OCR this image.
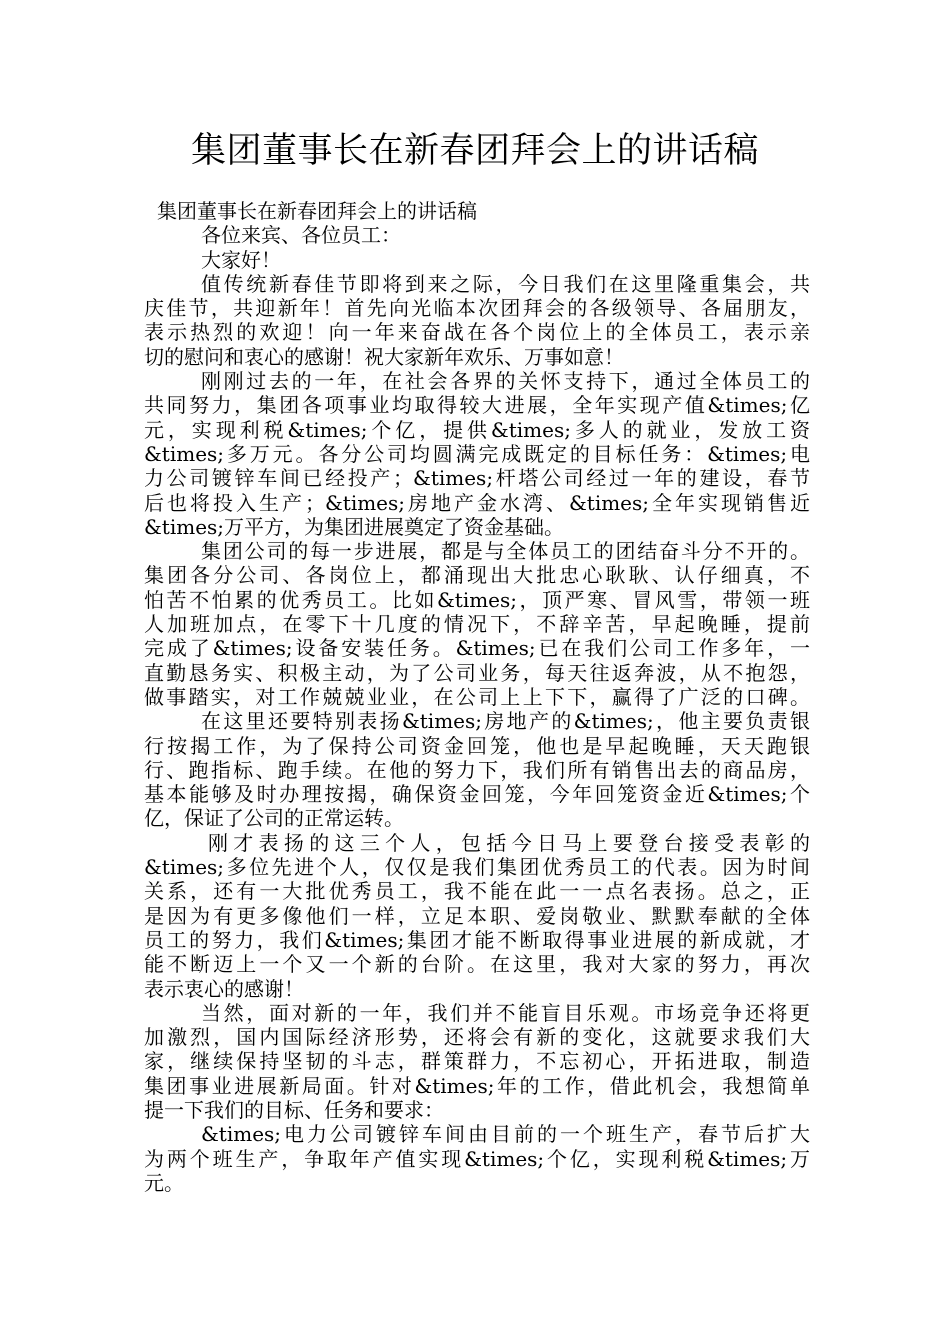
集团董事长在新春团拜会上的讲话稿
集团董事长在新春团拜会上的讲话稿
各位来宾、各位员工：
大家好！
值传统新春佳节即将到来之际，今日我们在这里隆重集会，共
庆佳节，共迎新年！首先向光临本次团拜会的各级领导、各届朋友，
表示热烈的欢迎！向一年来奋战在各个岗位上的全体员工，表示亲
切的慰问和衷心的感谢！祝大家新年欢乐、万事如意！
刚刚过去的一年，在社会各界的关怀支持下，通过全体员工的
共同努力，集团各项事业均取得较大进展，全年实现产值&times;亿
元，实现利税&times;个亿，提供&times;多人的就业，发放工资
&times;多万元。各分公司均圆满完成既定的目标任务：&times;电
力公司镀锌车间已经投产；&times;杆塔公司经过一年的建设，春节
后也将投入生产；&times;房地产金水湾、&times;全年实现销售近
&times;万平方，为集团进展奠定了资金基础。
集团公司的每一步进展，都是与全体员工的团结奋斗分不开的。
集团各分公司、各岗位上，都涌现出大批忠心耿耿、认仔细真，不
怕苦不怕累的优秀员工。比如&times;，顶严寒、冒风雪，带领一班
人加班加点，在零下十几度的情况下，不辞辛苦，早起晚睡，提前
完成了&times;设备安装任务。&times;已在我们公司工作多年，一
直勤恳务实、积极主动，为了公司业务，每天往返奔波，从不抱怨，
做事踏实，对工作兢兢业业，在公司上上下下，赢得了广泛的口碑。
在这里还要特别表扬&times;房地产的&times;，他主要负责银
行按揭工作，为了保持公司资金回笼，他也是早起晚睡，天天跑银
行、跑指标、跑手续。在他的努力下，我们所有销售出去的商品房，
基本能够及时办理按揭，确保资金回笼，今年回笼资金近&times;个
亿，保证了公司的正常运转。
刚才表扬的这三个人，包括今日马上要登台接受表彰的
&times;多位先进个人，仅仅是我们集团优秀员工的代表。因为时间
关系，还有一大批优秀员工，我不能在此一一点名表扬。总之，正
是因为有更多像他们一样，立足本职、爱岗敬业、默默奉献的全体
员工的努力，我们&times;集团才能不断取得事业进展的新成就，才
能不断迈上一个又一个新的台阶。在这里，我对大家的努力，再次
表示衷心的感谢！
当然，面对新的一年，我们并不能盲目乐观。市场竞争还将更
加激烈，国内国际经济形势，还将会有新的变化，这就要求我们大
家，继续保持坚韧的斗志，群策群力，不忘初心，开拓进取，制造
集团事业进展新局面。针对&times;年的工作，借此机会，我想简单
提一下我们的目标、任务和要求：
&times;电力公司镀锌车间由目前的一个班生产，春节后扩大
为两个班生产，争取年产值实现&times;个亿，实现利税&times;万
元。
